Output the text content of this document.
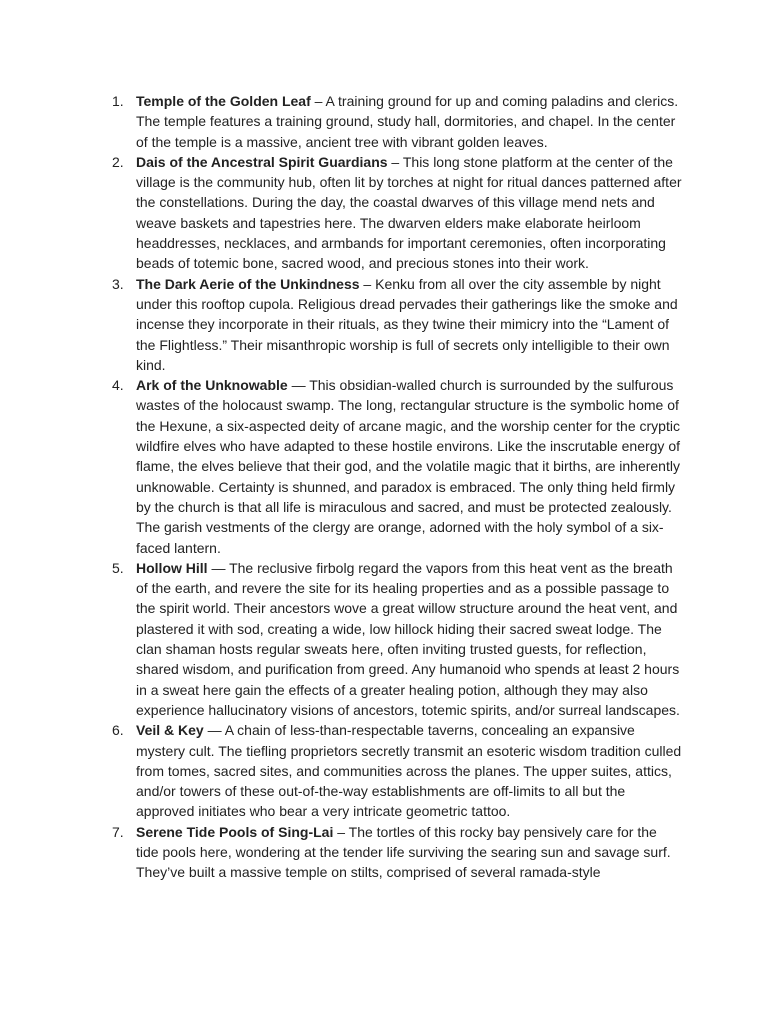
1. Temple of the Golden Leaf – A training ground for up and coming paladins and clerics. The temple features a training ground, study hall, dormitories, and chapel. In the center of the temple is a massive, ancient tree with vibrant golden leaves.
2. Dais of the Ancestral Spirit Guardians – This long stone platform at the center of the village is the community hub, often lit by torches at night for ritual dances patterned after the constellations. During the day, the coastal dwarves of this village mend nets and weave baskets and tapestries here. The dwarven elders make elaborate heirloom headdresses, necklaces, and armbands for important ceremonies, often incorporating beads of totemic bone, sacred wood, and precious stones into their work.
3. The Dark Aerie of the Unkindness – Kenku from all over the city assemble by night under this rooftop cupola. Religious dread pervades their gatherings like the smoke and incense they incorporate in their rituals, as they twine their mimicry into the “Lament of the Flightless.” Their misanthropic worship is full of secrets only intelligible to their own kind.
4. Ark of the Unknowable — This obsidian-walled church is surrounded by the sulfurous wastes of the holocaust swamp. The long, rectangular structure is the symbolic home of the Hexune, a six-aspected deity of arcane magic, and the worship center for the cryptic wildfire elves who have adapted to these hostile environs. Like the inscrutable energy of flame, the elves believe that their god, and the volatile magic that it births, are inherently unknowable. Certainty is shunned, and paradox is embraced. The only thing held firmly by the church is that all life is miraculous and sacred, and must be protected zealously. The garish vestments of the clergy are orange, adorned with the holy symbol of a six-faced lantern.
5. Hollow Hill — The reclusive firbolg regard the vapors from this heat vent as the breath of the earth, and revere the site for its healing properties and as a possible passage to the spirit world. Their ancestors wove a great willow structure around the heat vent, and plastered it with sod, creating a wide, low hillock hiding their sacred sweat lodge. The clan shaman hosts regular sweats here, often inviting trusted guests, for reflection, shared wisdom, and purification from greed. Any humanoid who spends at least 2 hours in a sweat here gain the effects of a greater healing potion, although they may also experience hallucinatory visions of ancestors, totemic spirits, and/or surreal landscapes.
6. Veil & Key — A chain of less-than-respectable taverns, concealing an expansive mystery cult. The tiefling proprietors secretly transmit an esoteric wisdom tradition culled from tomes, sacred sites, and communities across the planes. The upper suites, attics, and/or towers of these out-of-the-way establishments are off-limits to all but the approved initiates who bear a very intricate geometric tattoo.
7. Serene Tide Pools of Sing-Lai – The tortles of this rocky bay pensively care for the tide pools here, wondering at the tender life surviving the searing sun and savage surf. They’ve built a massive temple on stilts, comprised of several ramada-style
